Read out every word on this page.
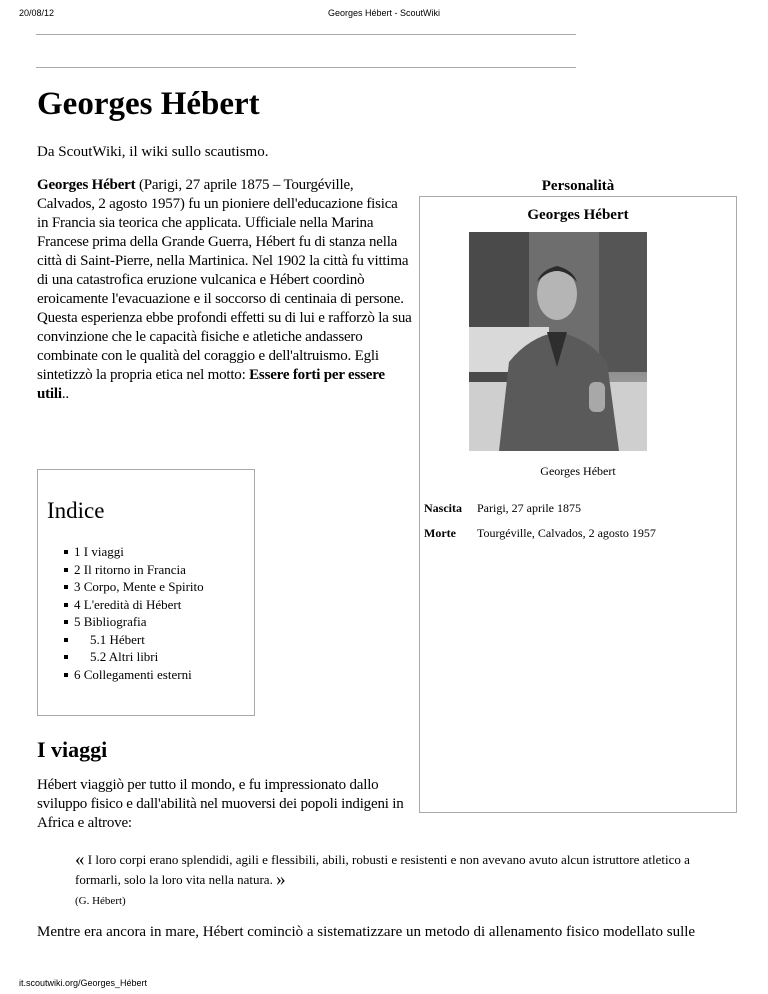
20/08/12	Georges Hébert - ScoutWiki
Georges Hébert
Da ScoutWiki, il wiki sullo scautismo.
Georges Hébert (Parigi, 27 aprile 1875 – Tourgéville, Calvados, 2 agosto 1957) fu un pioniere dell'educazione fisica in Francia sia teorica che applicata. Ufficiale nella Marina Francese prima della Grande Guerra, Hébert fu di stanza nella città di Saint-Pierre, nella Martinica. Nel 1902 la città fu vittima di una catastrofica eruzione vulcanica e Hébert coordinò eroicamente l'evacuazione e il soccorso di centinaia di persone. Questa esperienza ebbe profondi effetti su di lui e rafforzò la sua convinzione che le capacità fisiche e atletiche andassero combinate con le qualità del coraggio e dell'altruismo. Egli sintetizzò la propria etica nel motto: Essere forti per essere utili..
Personalità
Georges Hébert
Georges Hébert
Nascita Parigi, 27 aprile 1875
Morte Tourgéville, Calvados, 2 agosto 1957
Indice
1 I viaggi
2 Il ritorno in Francia
3 Corpo, Mente e Spirito
4 L'eredità di Hébert
5 Bibliografia
5.1 Hébert
5.2 Altri libri
6 Collegamenti esterni
I viaggi
Hébert viaggiò per tutto il mondo, e fu impressionato dallo sviluppo fisico e dall'abilità nel muoversi dei popoli indigeni in Africa e altrove:
« I loro corpi erano splendidi, agili e flessibili, abili, robusti e resistenti e non avevano avuto alcun istruttore atletico a formarli, solo la loro vita nella natura. »
(G. Hébert)
Mentre era ancora in mare, Hébert cominciò a sistematizzare un metodo di allenamento fisico modellato sulle
it.scoutwiki.org/Georges_Hébert
